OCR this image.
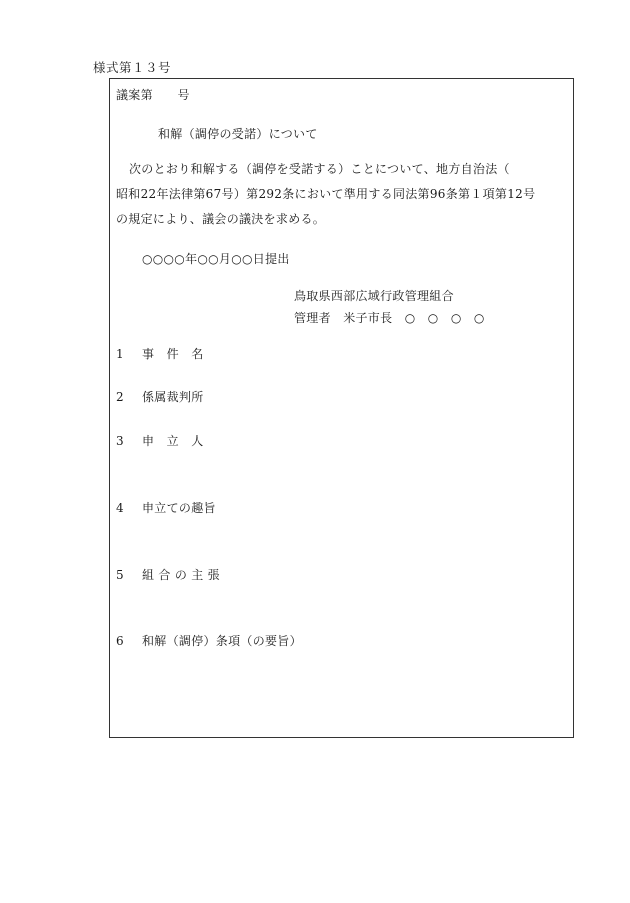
様式第１３号
議案第　　号
和解（調停の受諾）について
次のとおり和解する（調停を受諾する）ことについて、地方自治法（
昭和22年法律第67号）第292条において準用する同法第96条第１項第12号
の規定により、議会の議決を求める。
○○○○年○○月○○日提出
鳥取県西部広域行政管理組合
管理者　米子市長　○　○　○　○
1 事　件　名
2 係属裁判所
3 申　立　人
4 申立ての趣旨
5 組 合 の 主 張
6 和解（調停）条項（の要旨）
